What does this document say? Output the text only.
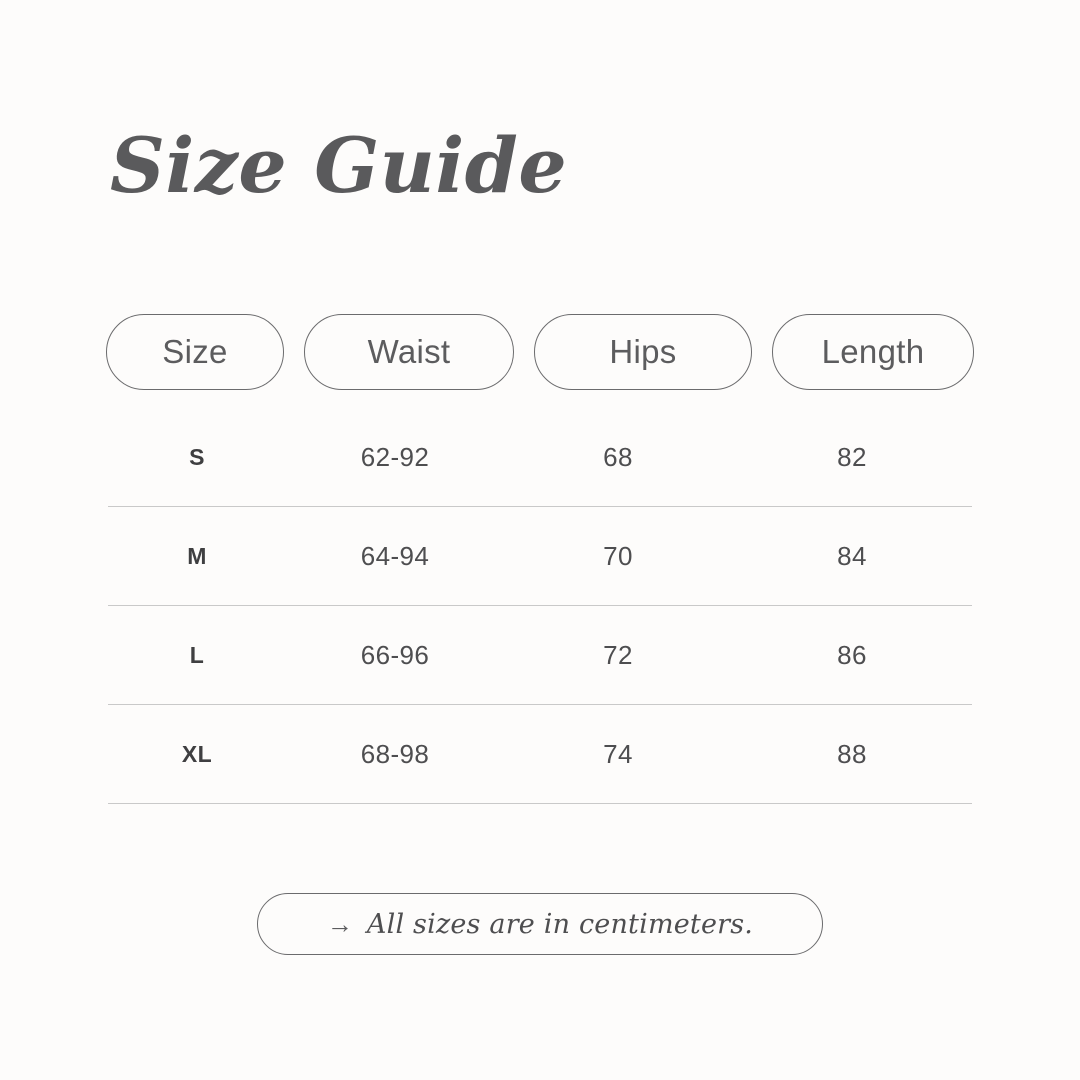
Size Guide
Size	Waist	Hips	Length
S	62-92	68	82
M	64-94	70	84
L	66-96	72	86
XL	68-98	74	88
→ All sizes are in centimeters.
